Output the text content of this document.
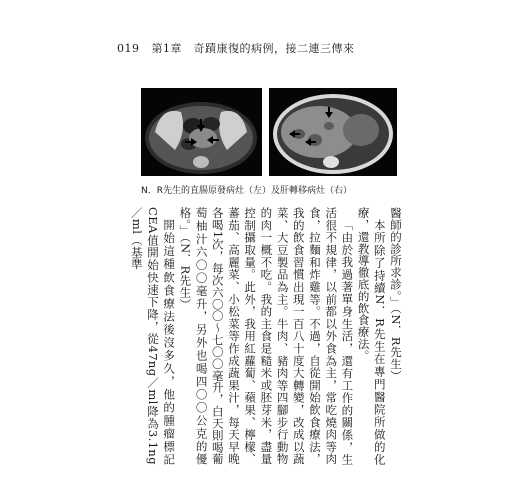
019 第1章　奇蹟康復的病例，接二連三傳來
N．R先生的直腸原發病灶（左）及肝轉移病灶（右）

醫師的診所求診。」（N．R先生）

本所除了持續N．R先生在專門醫院所做的化療，還教導徹底的飲食療法。

「由於我過著單身生活，還有工作的關係，生活很不規律，以前都以外食為主，常吃燒肉等肉食，拉麵和炸雞等。不過，自從開始飲食療法，我的飲食習慣出現一百八十度大轉變，改成以蔬菜、大豆製品為主。牛肉、豬肉等四腳步行動物的肉一概不吃。我的主食是糙米或胚芽米，盡量控制攝取量。此外，我用紅蘿蔔、蘋果、檸檬、蕃茄、高麗菜、小松菜等作成蔬果汁，每天早晚各喝1次，每次六〇〇～七〇〇毫升，白天則喝葡萄柚汁六〇〇毫升，另外也喝四〇〇公克的優格。」（N．R先生）

開始這種飲食療法後沒多久，他的腫瘤標記CEA值開始快速下降，從47ng／ml降為3.1ng／ml（基準
